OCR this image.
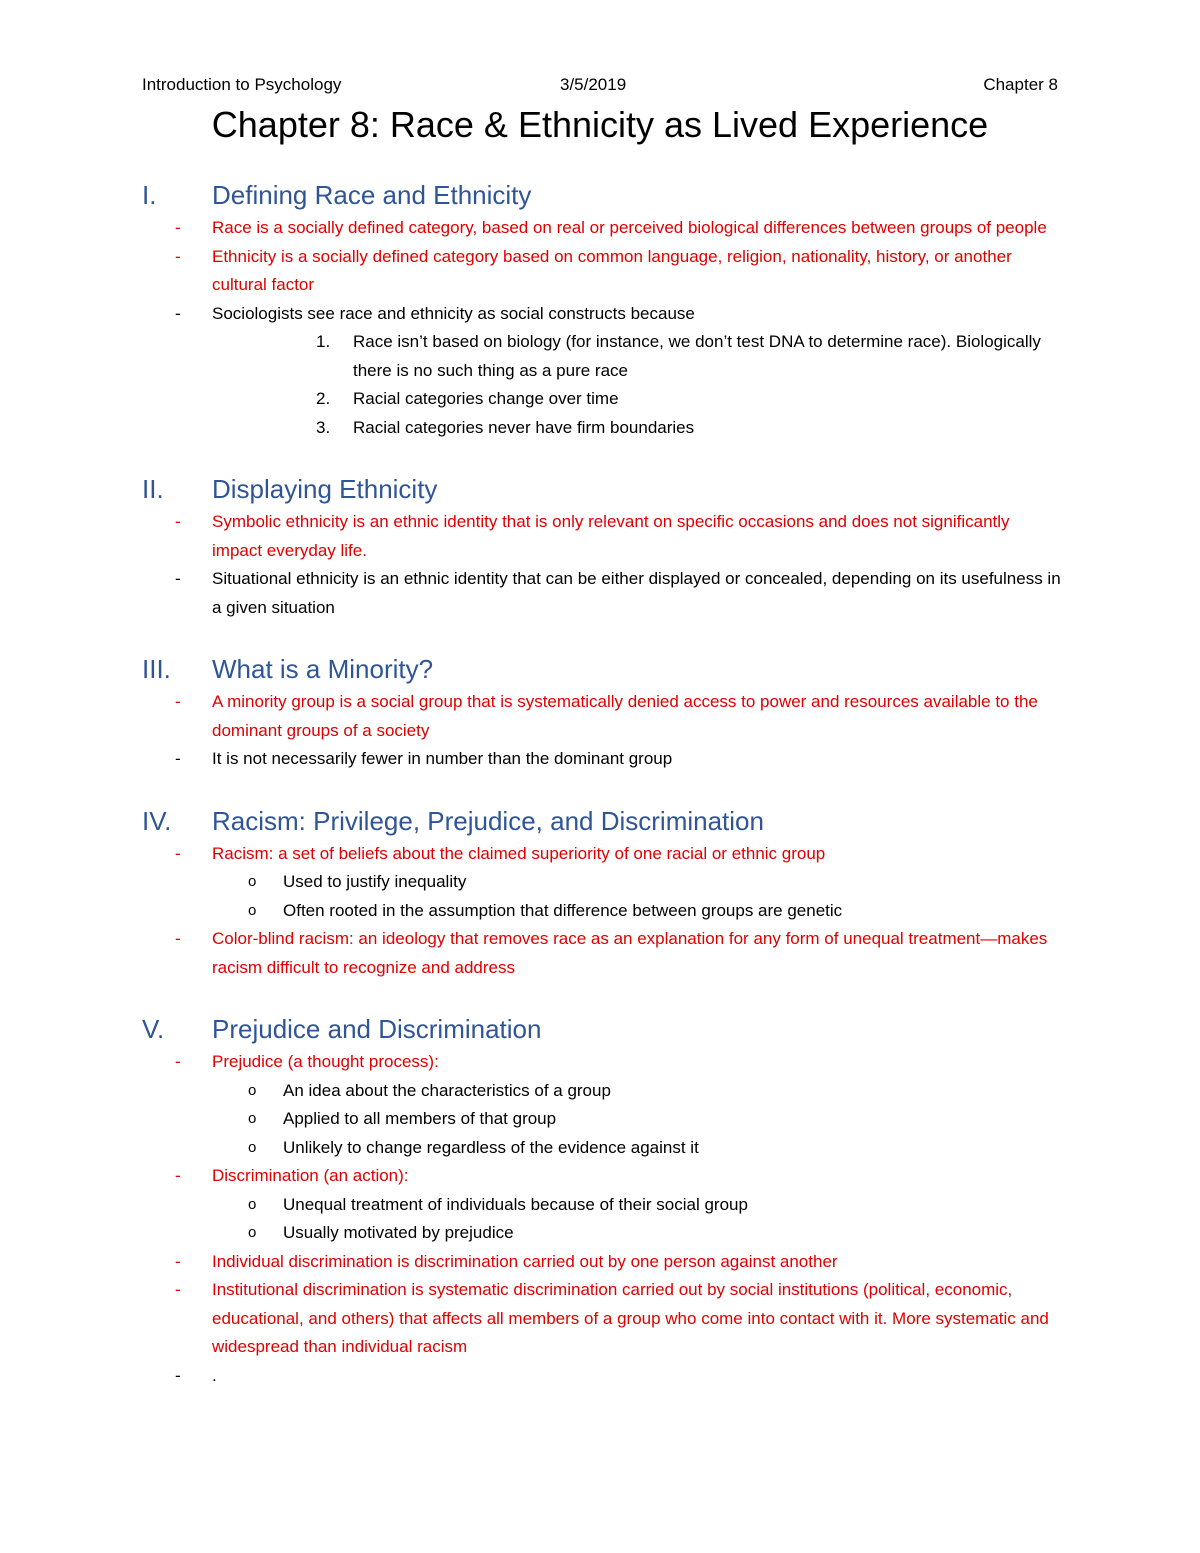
Introduction to Psychology	3/5/2019	Chapter 8
Chapter 8: Race & Ethnicity as Lived Experience
I. Defining Race and Ethnicity
- Race is a socially defined category, based on real or perceived biological differences between groups of people
- Ethnicity is a socially defined category based on common language, religion, nationality, history, or another cultural factor
- Sociologists see race and ethnicity as social constructs because
1. Race isn’t based on biology (for instance, we don’t test DNA to determine race). Biologically there is no such thing as a pure race
2. Racial categories change over time
3. Racial categories never have firm boundaries
II. Displaying Ethnicity
- Symbolic ethnicity is an ethnic identity that is only relevant on specific occasions and does not significantly impact everyday life.
- Situational ethnicity is an ethnic identity that can be either displayed or concealed, depending on its usefulness in a given situation
III. What is a Minority?
- A minority group is a social group that is systematically denied access to power and resources available to the dominant groups of a society
- It is not necessarily fewer in number than the dominant group
IV. Racism: Privilege, Prejudice, and Discrimination
- Racism: a set of beliefs about the claimed superiority of one racial or ethnic group
o Used to justify inequality
o Often rooted in the assumption that difference between groups are genetic
- Color-blind racism: an ideology that removes race as an explanation for any form of unequal treatment—makes racism difficult to recognize and address
V. Prejudice and Discrimination
- Prejudice (a thought process):
o An idea about the characteristics of a group
o Applied to all members of that group
o Unlikely to change regardless of the evidence against it
- Discrimination (an action):
o Unequal treatment of individuals because of their social group
o Usually motivated by prejudice
- Individual discrimination is discrimination carried out by one person against another
- Institutional discrimination is systematic discrimination carried out by social institutions (political, economic, educational, and others) that affects all members of a group who come into contact with it. More systematic and widespread than individual racism
- .
